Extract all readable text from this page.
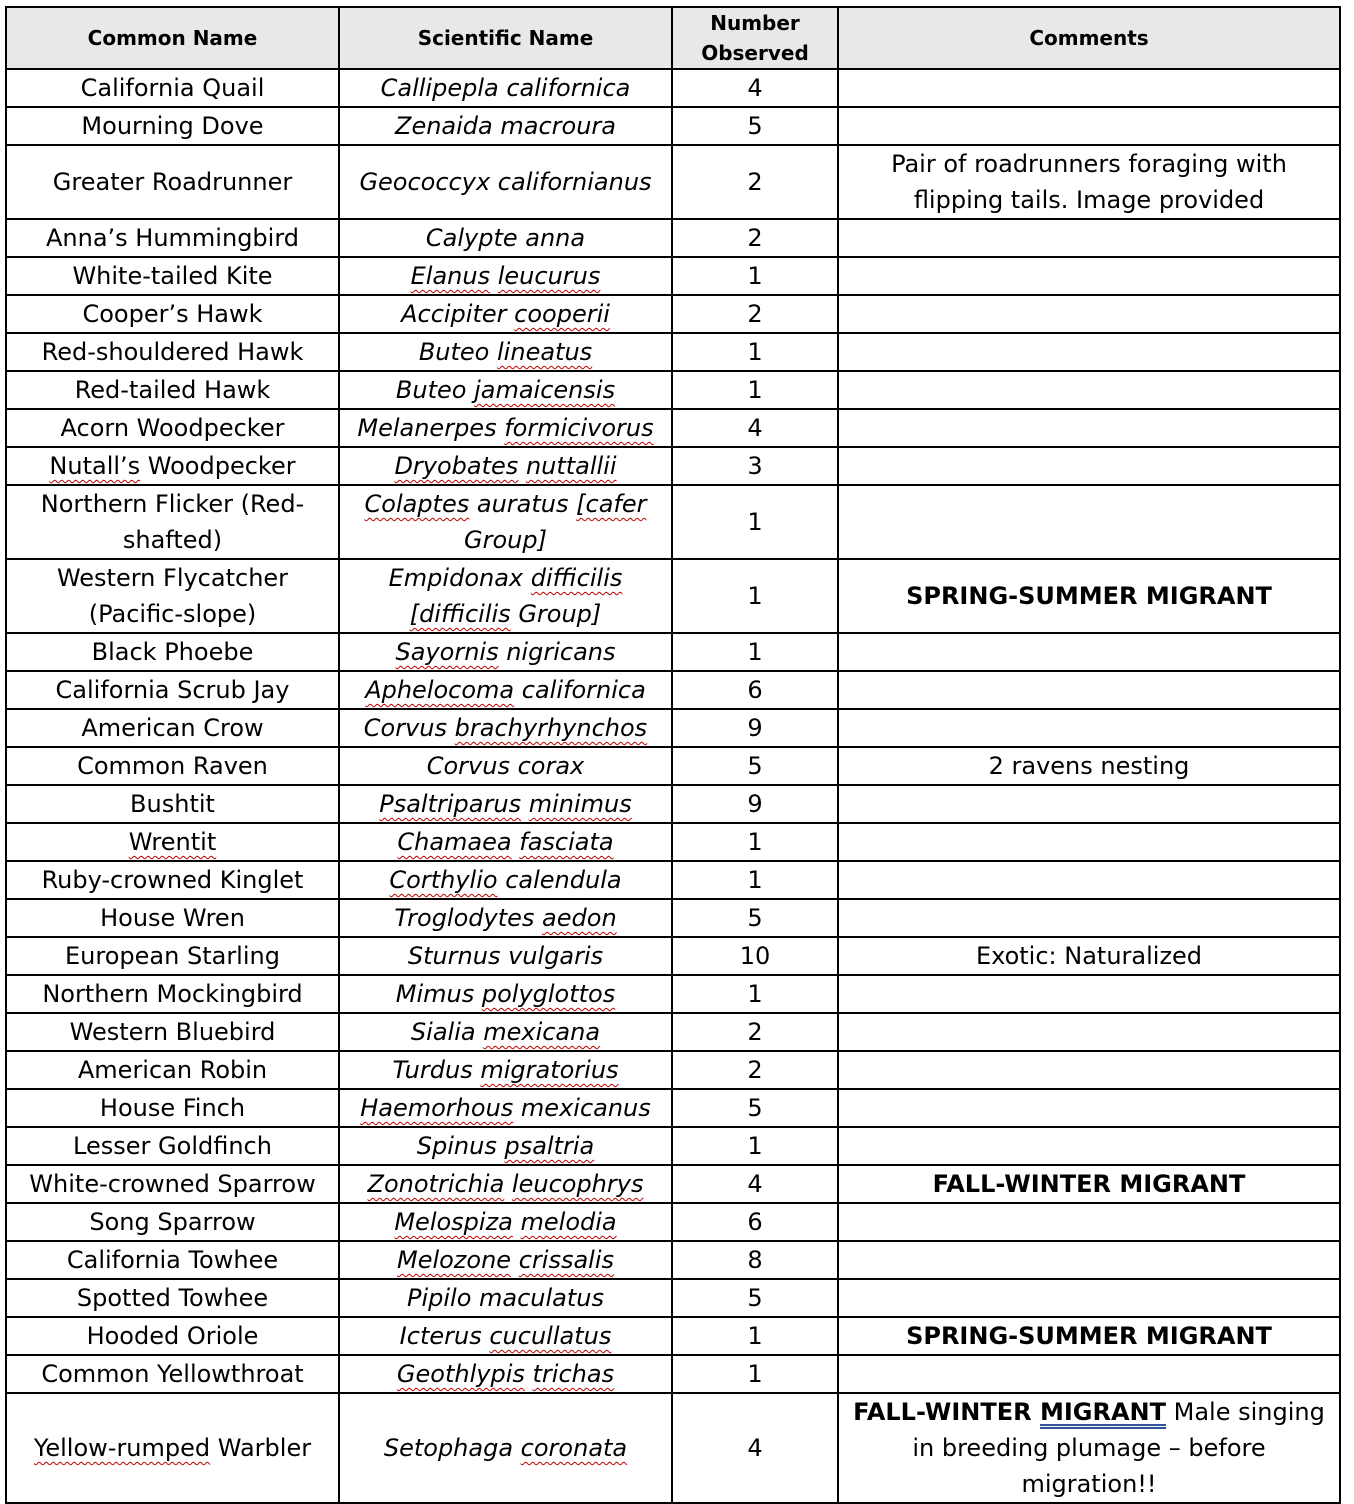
Common Name	Scientific Name	Number Observed	Comments
California Quail	Callipepla californica	4	
Mourning Dove	Zenaida macroura	5	
Greater Roadrunner	Geococcyx californianus	2	Pair of roadrunners foraging with flipping tails. Image provided
Anna’s Hummingbird	Calypte anna	2	
White-tailed Kite	Elanus leucurus	1	
Cooper’s Hawk	Accipiter cooperii	2	
Red-shouldered Hawk	Buteo lineatus	1	
Red-tailed Hawk	Buteo jamaicensis	1	
Acorn Woodpecker	Melanerpes formicivorus	4	
Nutall’s Woodpecker	Dryobates nuttallii	3	
Northern Flicker (Red-shafted)	Colaptes auratus [cafer Group]	1	
Western Flycatcher (Pacific-slope)	Empidonax difficilis [difficilis Group]	1	SPRING-SUMMER MIGRANT
Black Phoebe	Sayornis nigricans	1	
California Scrub Jay	Aphelocoma californica	6	
American Crow	Corvus brachyrhynchos	9	
Common Raven	Corvus corax	5	2 ravens nesting
Bushtit	Psaltriparus minimus	9	
Wrentit	Chamaea fasciata	1	
Ruby-crowned Kinglet	Corthylio calendula	1	
House Wren	Troglodytes aedon	5	
European Starling	Sturnus vulgaris	10	Exotic: Naturalized
Northern Mockingbird	Mimus polyglottos	1	
Western Bluebird	Sialia mexicana	2	
American Robin	Turdus migratorius	2	
House Finch	Haemorhous mexicanus	5	
Lesser Goldfinch	Spinus psaltria	1	
White-crowned Sparrow	Zonotrichia leucophrys	4	FALL-WINTER MIGRANT
Song Sparrow	Melospiza melodia	6	
California Towhee	Melozone crissalis	8	
Spotted Towhee	Pipilo maculatus	5	
Hooded Oriole	Icterus cucullatus	1	SPRING-SUMMER MIGRANT
Common Yellowthroat	Geothlypis trichas	1	
Yellow-rumped Warbler	Setophaga coronata	4	FALL-WINTER MIGRANT Male singing in breeding plumage – before migration!!
